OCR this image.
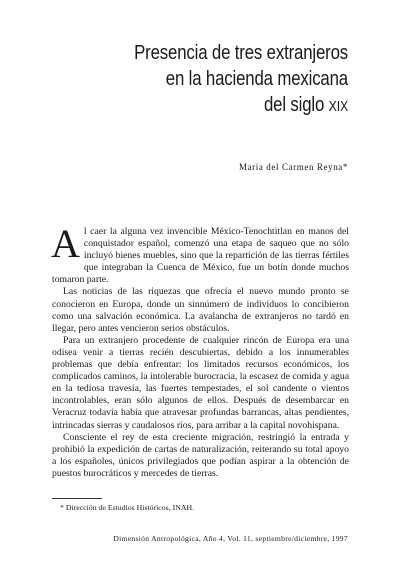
Presencia de tres extranjeros
en la hacienda mexicana
del siglo XIX
María del Carmen Reyna*

Al caer la alguna vez invencible México-Tenochtitlan en manos del conquistador español, comenzó una etapa de saqueo que no sólo incluyó bienes muebles, sino que la repartición de las tierras fértiles que integraban la Cuenca de México, fue un botín donde muchos tomaron parte.

Las noticias de las riquezas que ofrecía el nuevo mundo pronto se conocieron en Europa, donde un sinnúmero de individuos lo concibieron como una salvación económica. La avalancha de extranjeros no tardó en llegar, pero antes vencieron serios obstáculos.

Para un extranjero procedente de cualquier rincón de Europa era una odisea venir a tierras recién descubiertas, debido a los innumerables problemas que debía enfrentar: los limitados recursos económicos, los complicados caminos, la intolerable burocracia, la escasez de comida y agua en la tediosa travesía, las fuertes tempestades, el sol candente o vientos incontrolables, eran sólo algunos de ellos. Después de desembarcar en Veracruz todavía había que atravesar profundas barrancas, altas pendientes, intrincadas sierras y caudalosos ríos, para arribar a la capital novohispana.

Consciente el rey de esta creciente migración, restringió la entrada y prohibió la expedición de cartas de naturalización, reiterando su total apoyo a los españoles, únicos privilegiados que podían aspirar a la obtención de puestos burocráticos y mercedes de tierras.

* Dirección de Estudios Históricos, INAH.
Dimensión Antropológica, Año 4, Vol. 11, septiembre/diciembre, 1997
